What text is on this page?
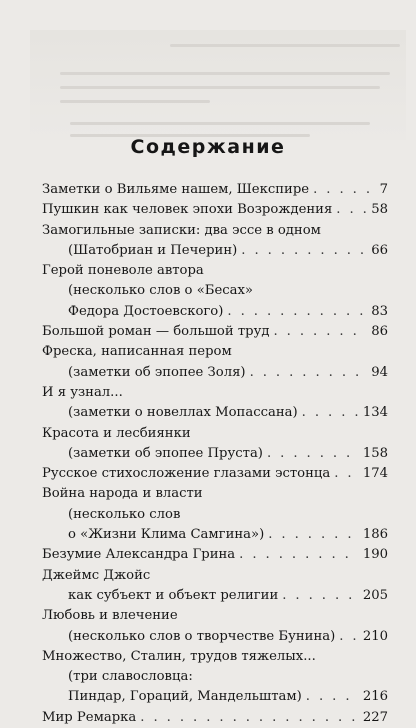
Содержание
Заметки о Вильяме нашем, Шекспире . . .	7
Пушкин как человек эпохи Возрождения . . .	58
Замогильные записки: два эссе в одном
(Шатобриан и Печерин) . . .	66
Герой поневоле автора
(несколько слов о «Бесах»
Федора Достоевского) . . .	83
Большой роман — большой труд . . .	86
Фреска, написанная пером
(заметки об эпопее Золя) . . .	94
И я узнал...
(заметки о новеллах Мопассана) . . .	134
Красота и лесбиянки
(заметки об эпопее Пруста) . . .	158
Русское стихосложение глазами эстонца . . . 174
Война народа и власти
(несколько слов
о «Жизни Клима Самгина») . . .	186
Безумие Александра Грина . . .	190
Джеймс Джойс
как субъект и объект религии . . .	205
Любовь и влечение
(несколько слов о творчестве Бунина) . . . 210
Множество, Сталин, трудов тяжелых...
(три славословца:
Пиндар, Гораций, Мандельштам) . . .	216
Мир Ремарка . . .	227
